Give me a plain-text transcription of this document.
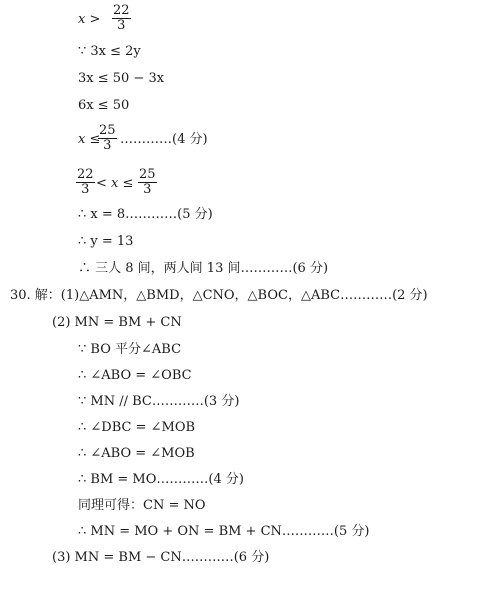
$x > \frac{22}{3}$
∵ 3x ≤ 2y
3x ≤ 50 − 3x
6x ≤ 50
x ≤
$\frac{25}{3}$ …………(4 分)
$\frac{22}{3} < x \le \frac{25}{3}$
∴ x = 8…………(5 分)
∴ y = 13
∴ 三人 8 间，两人间 13 间…………(6 分)
30. 解：(1)△AMN，△BMD，△CNO，△BOC，△ABC…………(2 分)
(2) MN = BM + CN
∵ BO 平分∠ABC
∴ ∠ABO = ∠OBC
∵ MN // BC…………(3 分)
∴ ∠DBC = ∠MOB
∴ ∠ABO = ∠MOB
∴ BM = MO…………(4 分)
同理可得：CN = NO
∴ MN = MO + ON = BM + CN…………(5 分)
(3) MN = BM − CN…………(6 分)
